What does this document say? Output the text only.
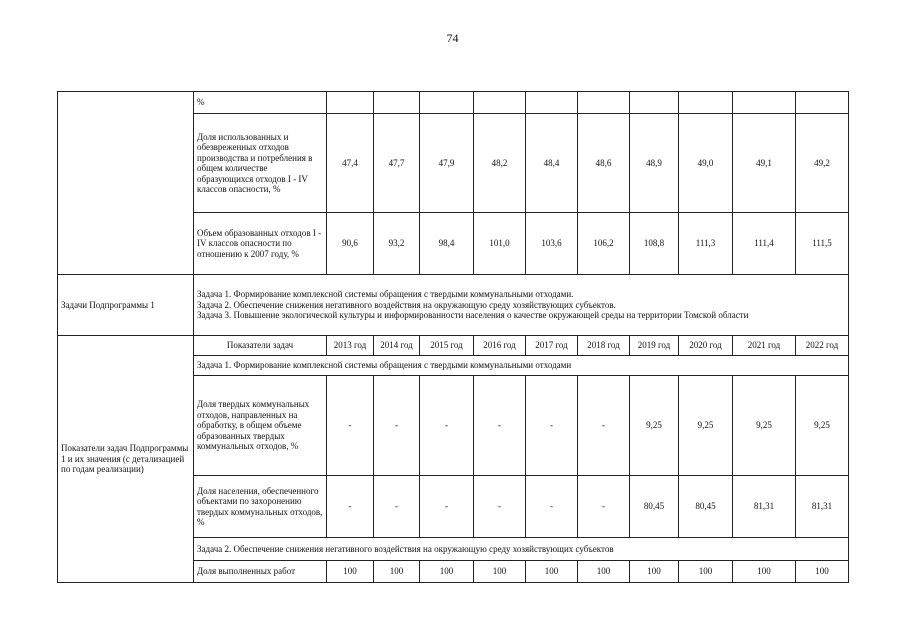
74
	%										
	Доля использованных и обезвреженных отходов производства и потребления в общем количестве образующихся отходов I - IV классов опасности, %	47,4	47,7	47,9	48,2	48,4	48,6	48,9	49,0	49,1	49,2
	Объем образованных отходов I - IV классов опасности по отношению к 2007 году, %	90,6	93,2	98,4	101,0	103,6	106,2	108,8	111,3	111,4	111,5
Задачи Подпрограммы 1	Задача 1. Формирование комплексной системы обращения с твердыми коммунальными отходами.
Задача 2. Обеспечение снижения негативного воздействия на окружающую среду хозяйствующих субъектов.
Задача 3. Повышение экологической культуры и информированности населения о качестве окружающей среды на территории Томской области										

Показатели задач Подпрограммы 1 и их значения (с детализацией по годам реализации)	Показатели задач	2013 год	2014 год	2015 год	2016 год	2017 год	2018 год	2019 год	2020 год	2021 год	2022 год
	Задача 1. Формирование комплексной системы обращения с твердыми коммунальными отходами										
	Доля твердых коммунальных отходов, направленных на обработку, в общем объеме образованных твердых коммунальных отходов, %	-	-	-	-	-	-	9,25	9,25	9,25	9,25
	Доля населения, обеспеченного объектами по захоронению твердых коммунальных отходов, %	-	-	-	-	-	-	80,45	80,45	81,31	81,31
	Задача 2. Обеспечение снижения негативного воздействия на окружающую среду хозяйствующих субъектов										
	Доля выполненных работ	100	100	100	100	100	100	100	100	100	100
